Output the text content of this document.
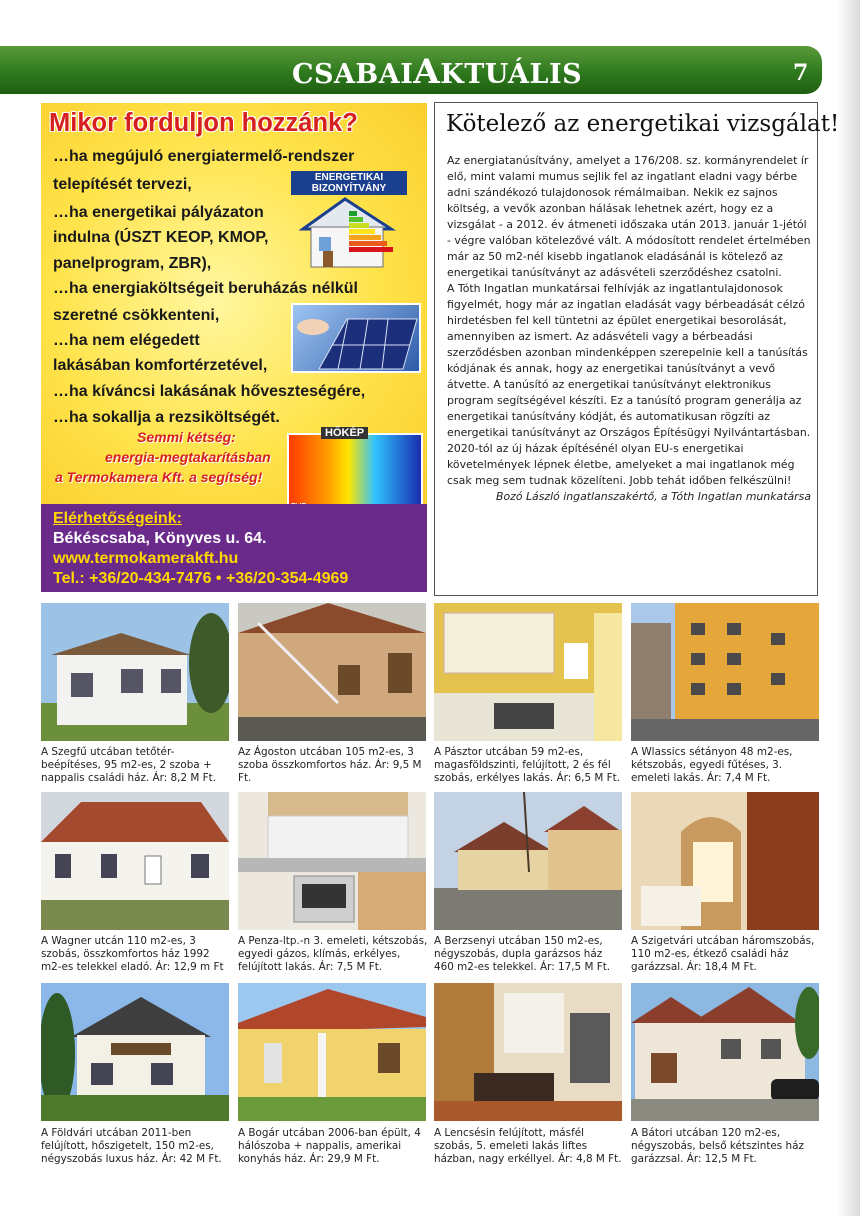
CSABAIAKTUÁLIS	7
Mikor forduljon hozzánk?
…ha megújuló energiatermelő-rendszer
telepítését tervezi,
…ha energetikai pályázaton
indulna (ÚSZT KEOP, KMOP,
panelprogram, ZBR),
…ha energiaköltségeit beruházás nélkül
szeretné csökkenteni,
…ha nem elégedett
lakásában komfortérzetével,
…ha kíváncsi lakásának hőveszteségére,
…ha sokallja a rezsiköltségét.
ENERGETIKAI
BIZONYÍTVÁNY
Semmi kétség:
energia-megtakarításban
a Termokamera Kft. a segítség!
HŐKÉP
Elérhetőségeink:
Békéscsaba, Könyves u. 64.
www.termokamerakft.hu
Tel.: +36/20-434-7476 • +36/20-354-4969
Kötelező az energetikai vizsgálat!

Az energiatanúsítvány, amelyet a 176/208. sz. kormányrendelet ír elő, mint valami mumus sejlik fel az ingatlant eladni vagy bérbe adni szándékozó tulajdonosok rémálmaiban. Nekik ez sajnos költség, a vevők azonban hálásak lehetnek azért, hogy ez a vizsgálat - a 2012. év átmeneti időszaka után 2013. január 1-jétól - végre valóban kötelezővé vált. A módosított rendelet értelmében már az 50 m2-nél kisebb ingatlanok eladásánál is kötelező az energetikai tanúsítványt az adásvételi szerződéshez csatolni.

A Tóth Ingatlan munkatársai felhívják az ingatlantulajdonosok figyelmét, hogy már az ingatlan eladását vagy bérbeadását célzó hirdetésben fel kell tüntetni az épület energetikai besorolását, amennyiben az ismert. Az adásvételi vagy a bérbeadási szerződésben azonban mindenképpen szerepelnie kell a tanúsítás kódjának és annak, hogy az energetikai tanúsítványt a vevő átvette. A tanúsító az energetikai tanúsítványt elektronikus program segítségével készíti. Ez a tanúsító program generálja az energetikai tanúsítvány kódját, és automatikusan rögzíti az energetikai tanúsítványt az Országos Építésügyi Nyilvántartásban.

2020-tól az új házak építésénél olyan EU-s energetikai követelmények lépnek életbe, amelyeket a mai ingatlanok még csak meg sem tudnak közelíteni. Jobb tehát időben felkészülni!

Bozó László ingatlanszakértő, a Tóth Ingatlan munkatársa

A Szegfű utcában tetőtér-beépítéses, 95 m2-es, 2 szoba + nappalis családi ház. Ár: 8,2 M Ft.
Az Ágoston utcában 105 m2-es, 3 szoba összkomfortos ház. Ár: 9,5 M Ft.
A Pásztor utcában 59 m2-es, magasföldszinti, felújított, 2 és fél szobás, erkélyes lakás. Ár: 6,5 M Ft.
A Wlassics sétányon 48 m2-es, kétszobás, egyedi fűtéses, 3. emeleti lakás. Ár: 7,4 M Ft.
A Wagner utcán 110 m2-es, 3 szobás, összkomfortos ház 1992 m2-es telekkel eladó. Ár: 12,9 m Ft
A Penza-ltp.-n 3. emeleti, kétszobás, egyedi gázos, klímás, erkélyes, felújított lakás. Ár: 7,5 M Ft.
A Berzsenyi utcában 150 m2-es, négyszobás, dupla garázsos ház 460 m2-es telekkel. Ár: 17,5 M Ft.
A Szigetvári utcában háromszobás, 110 m2-es, étkező családi ház garázzsal. Ár: 18,4 M Ft.
A Földvári utcában 2011-ben felújított, hőszigetelt, 150 m2-es, négyszobás luxus ház. Ár: 42 M Ft.
A Bogár utcában 2006-ban épült, 4 hálószoba + nappalis, amerikai konyhás ház. Ár: 29,9 M Ft.
A Lencsésin felújított, másfél szobás, 5. emeleti lakás liftes házban, nagy erkéllyel. Ár: 4,8 M Ft.
A Bátori utcában 120 m2-es, négyszobás, belső kétszintes ház garázzsal. Ár: 12,5 M Ft.
